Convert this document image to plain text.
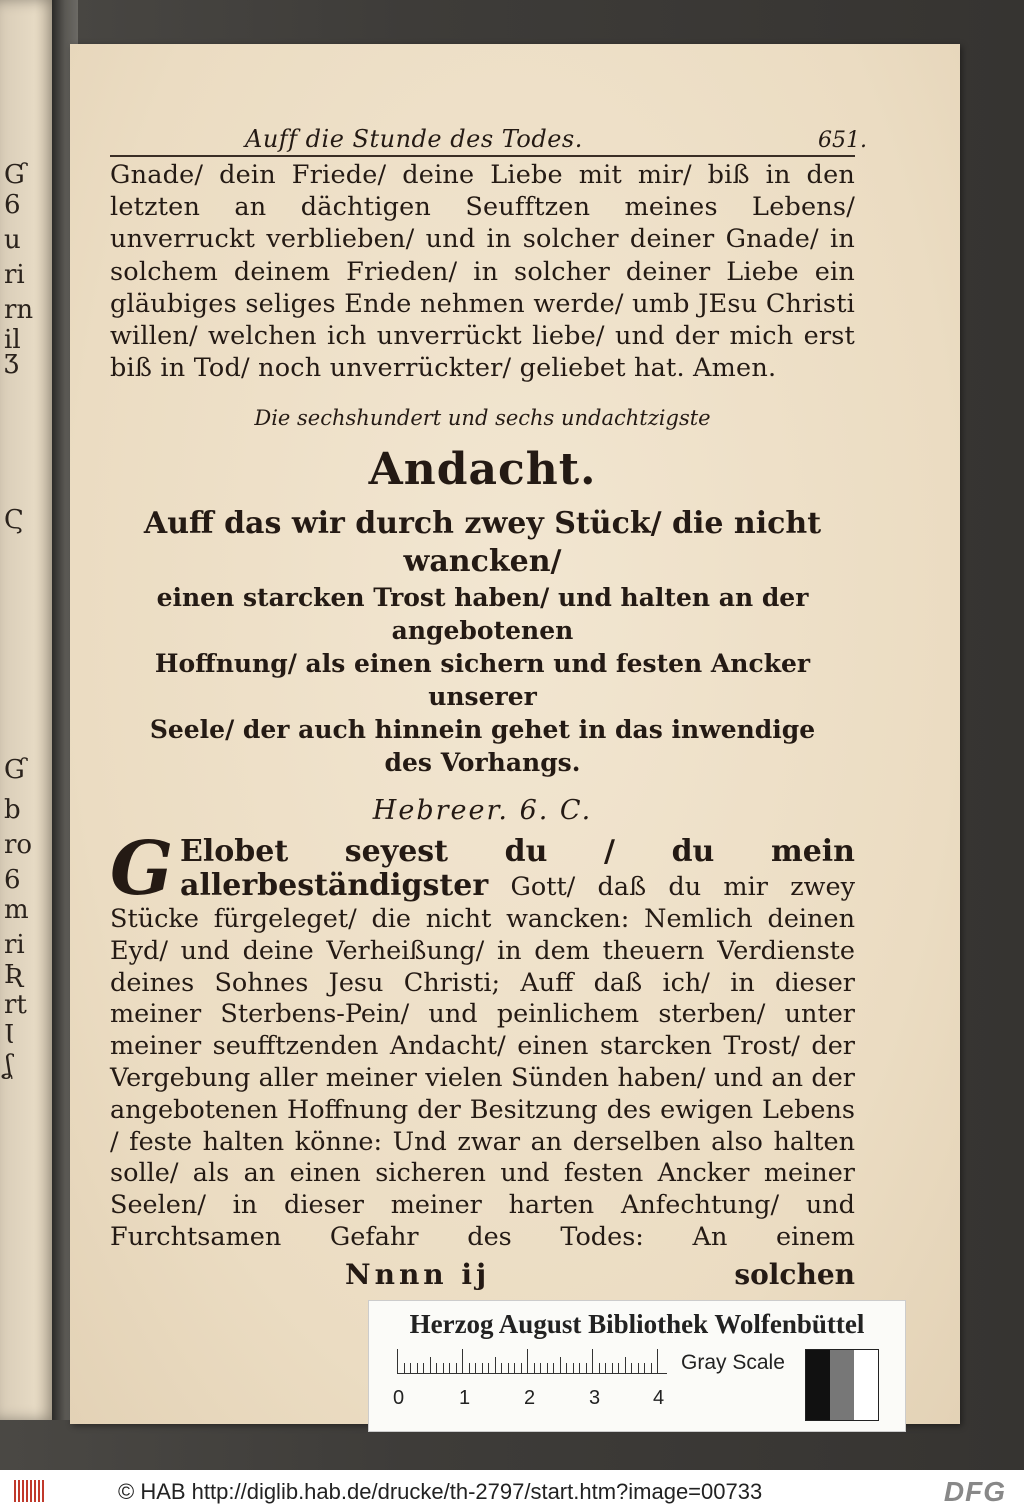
Ɠ
6
u
ri
rn
il
Ʒ
Ϛ
Ɠ
b
ro
6
m
ri
Ʀ
rt
Ɩ
ʆ
Auff die Stunde des Todes.	651.

Gnade/ dein Friede/ deine Liebe mit mir/ biß in den letzten an dächtigen Seufftzen meines Lebens/ unverruckt verblieben/ und in solcher deiner Gnade/ in solchem deinem Frieden/ in solcher deiner Liebe ein gläubiges seliges Ende nehmen werde/ umb JEsu Christi willen/ welchen ich unverrückt liebe/ und der mich erst biß in Tod/ noch unverrückter/ geliebet hat. Amen.

Die sechshundert und sechs undachtzigste
Andacht.
Auff das wir durch zwey Stück/ die nicht wancken/
einen starcken Trost haben/ und halten an der angebotenen
Hoffnung/ als einen sichern und festen Ancker unserer
Seele/ der auch hinnein gehet in das inwendige
des Vorhangs.
Hebreer. 6. C.
G Elobet seyest du / du mein allerbeständigster Gott/ daß du mir zwey Stücke fürgeleget/ die nicht wancken: Nemlich deinen Eyd/ und deine Verheißung/ in dem theuern Verdienste deines Sohnes Jesu Christi; Auff daß ich/ in dieser meiner Sterbens-Pein/ und peinlichem sterben/ unter meiner seufftzenden Andacht/ einen starcken Trost/ der Vergebung aller meiner vielen Sünden haben/ und an der angebotenen Hoffnung der Besitzung des ewigen Lebens / feste halten könne: Und zwar an derselben also halten solle/ als an einen sicheren und festen Ancker meiner Seelen/ in dieser meiner harten Anfechtung/ und Furchtsamen Gefahr des Todes: An einem
Nnnn ij	solchen
Herzog August Bibliothek Wolfenbüttel
0	1	2	3	4
Gray Scale
© HAB http://diglib.hab.de/drucke/th-2797/start.htm?image=00733	DFG
